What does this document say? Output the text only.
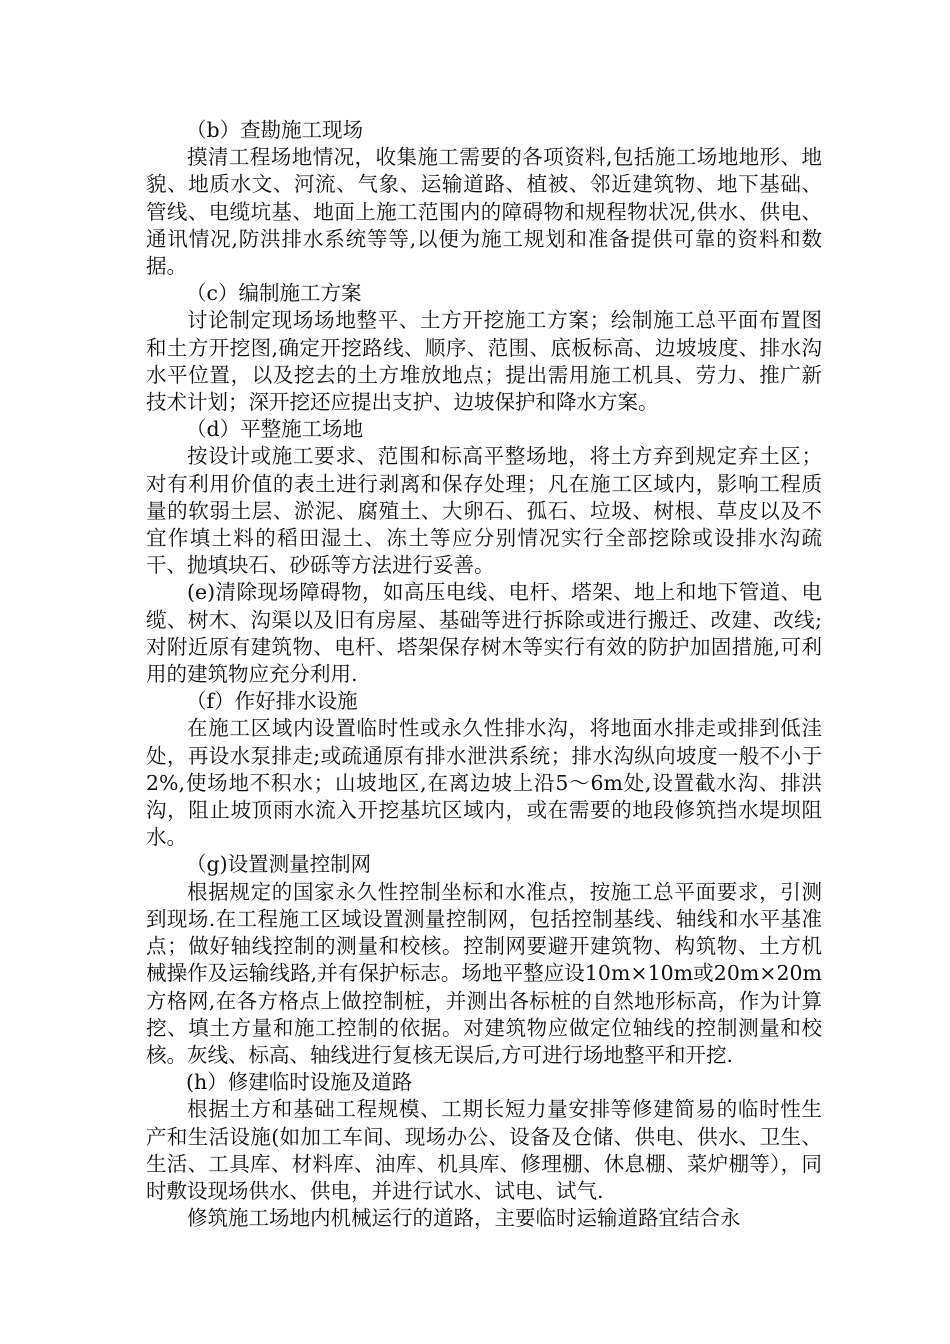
（b）查勘施工现场

摸清工程场地情况，收集施工需要的各项资料,包括施工场地地形、地貌、地质水文、河流、气象、运输道路、植被、邻近建筑物、地下基础、管线、电缆坑基、地面上施工范围内的障碍物和规程物状况,供水、供电、通讯情况,防洪排水系统等等,以便为施工规划和准备提供可靠的资料和数据。

（c）编制施工方案

讨论制定现场场地整平、土方开挖施工方案；绘制施工总平面布置图和土方开挖图,确定开挖路线、顺序、范围、底板标高、边坡坡度、排水沟水平位置，以及挖去的土方堆放地点；提出需用施工机具、劳力、推广新技术计划；深开挖还应提出支护、边坡保护和降水方案。

（d）平整施工场地

按设计或施工要求、范围和标高平整场地，将土方弃到规定弃土区；对有利用价值的表土进行剥离和保存处理；凡在施工区域内，影响工程质量的软弱土层、淤泥、腐殖土、大卵石、孤石、垃圾、树根、草皮以及不宜作填土料的稻田湿土、冻土等应分别情况实行全部挖除或设排水沟疏干、抛填块石、砂砾等方法进行妥善。

(e)清除现场障碍物，如高压电线、电杆、塔架、地上和地下管道、电缆、树木、沟渠以及旧有房屋、基础等进行拆除或进行搬迁、改建、改线;对附近原有建筑物、电杆、塔架保存树木等实行有效的防护加固措施,可利用的建筑物应充分利用.

（f）作好排水设施

在施工区域内设置临时性或永久性排水沟，将地面水排走或排到低洼处，再设水泵排走;或疏通原有排水泄洪系统；排水沟纵向坡度一般不小于2%,使场地不积水；山坡地区,在离边坡上沿5～6m处,设置截水沟、排洪沟，阻止坡顶雨水流入开挖基坑区域内，或在需要的地段修筑挡水堤坝阻水。

（g)设置测量控制网

根据规定的国家永久性控制坐标和水准点，按施工总平面要求，引测到现场.在工程施工区域设置测量控制网，包括控制基线、轴线和水平基准点；做好轴线控制的测量和校核。控制网要避开建筑物、构筑物、土方机械操作及运输线路,并有保护标志。场地平整应设10m×10m或20m×20m方格网,在各方格点上做控制桩，并测出各标桩的自然地形标高，作为计算挖、填土方量和施工控制的依据。对建筑物应做定位轴线的控制测量和校核。灰线、标高、轴线进行复核无误后,方可进行场地整平和开挖.

(h）修建临时设施及道路

根据土方和基础工程规模、工期长短力量安排等修建简易的临时性生产和生活设施(如加工车间、现场办公、设备及仓储、供电、供水、卫生、生活、工具库、材料库、油库、机具库、修理棚、休息棚、菜炉棚等），同时敷设现场供水、供电，并进行试水、试电、试气.

修筑施工场地内机械运行的道路，主要临时运输道路宜结合永
